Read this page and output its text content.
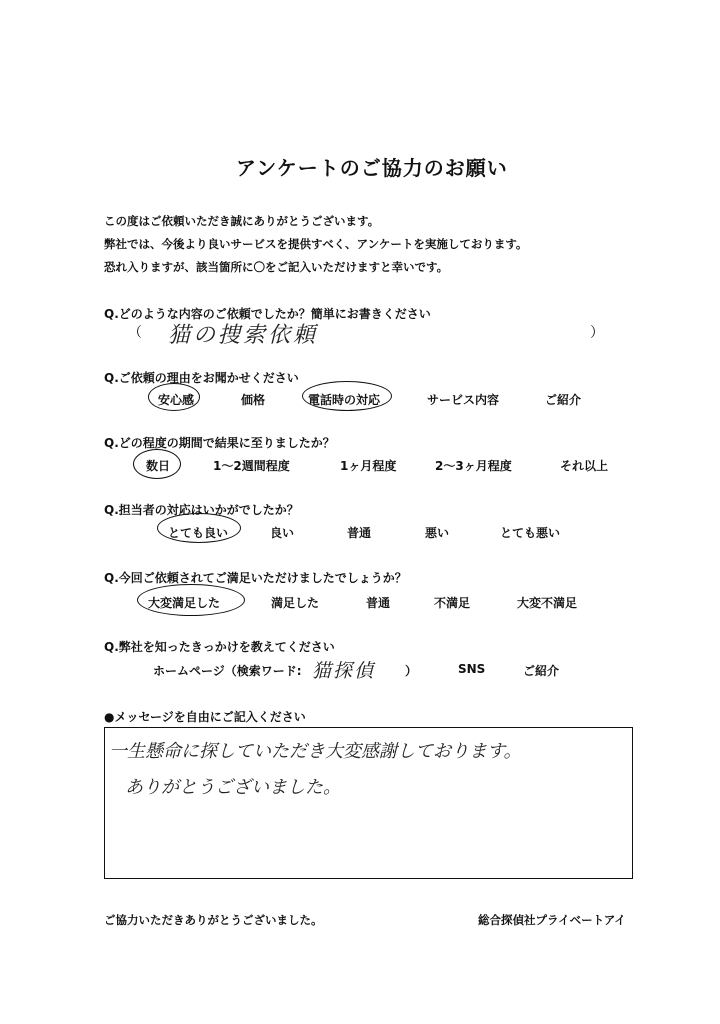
アンケートのご協力のお願い
この度はご依頼いただき誠にありがとうございます。
弊社では、今後より良いサービスを提供すべく、アンケートを実施しております。
恐れ入りますが、該当箇所に〇をご記入いただけますと幸いです。
Q.どのような内容のご依頼でしたか？簡単にお書きください
（ 猫の捜索依頼	）
Q.ご依頼の理由をお聞かせください
安心感	価格	電話時の対応	サービス内容	ご紹介
Q.どの程度の期間で結果に至りましたか？
数日	1～2週間程度	1ヶ月程度	2～3ヶ月程度	それ以上
Q.担当者の対応はいかがでしたか？
とても良い	良い	普通	悪い	とても悪い
Q.今回ご依頼されてご満足いただけましたでしょうか？
大変満足した	満足した	普通	不満足	大変不満足
Q.弊社を知ったきっかけを教えてください
ホームページ（検索ワード: 猫探偵 ）	SNS	ご紹介
●メッセージを自由にご記入ください
一生懸命に探していただき大変感謝しております。
ありがとうございました。
ご協力いただきありがとうございました。	総合探偵社プライベートアイ
